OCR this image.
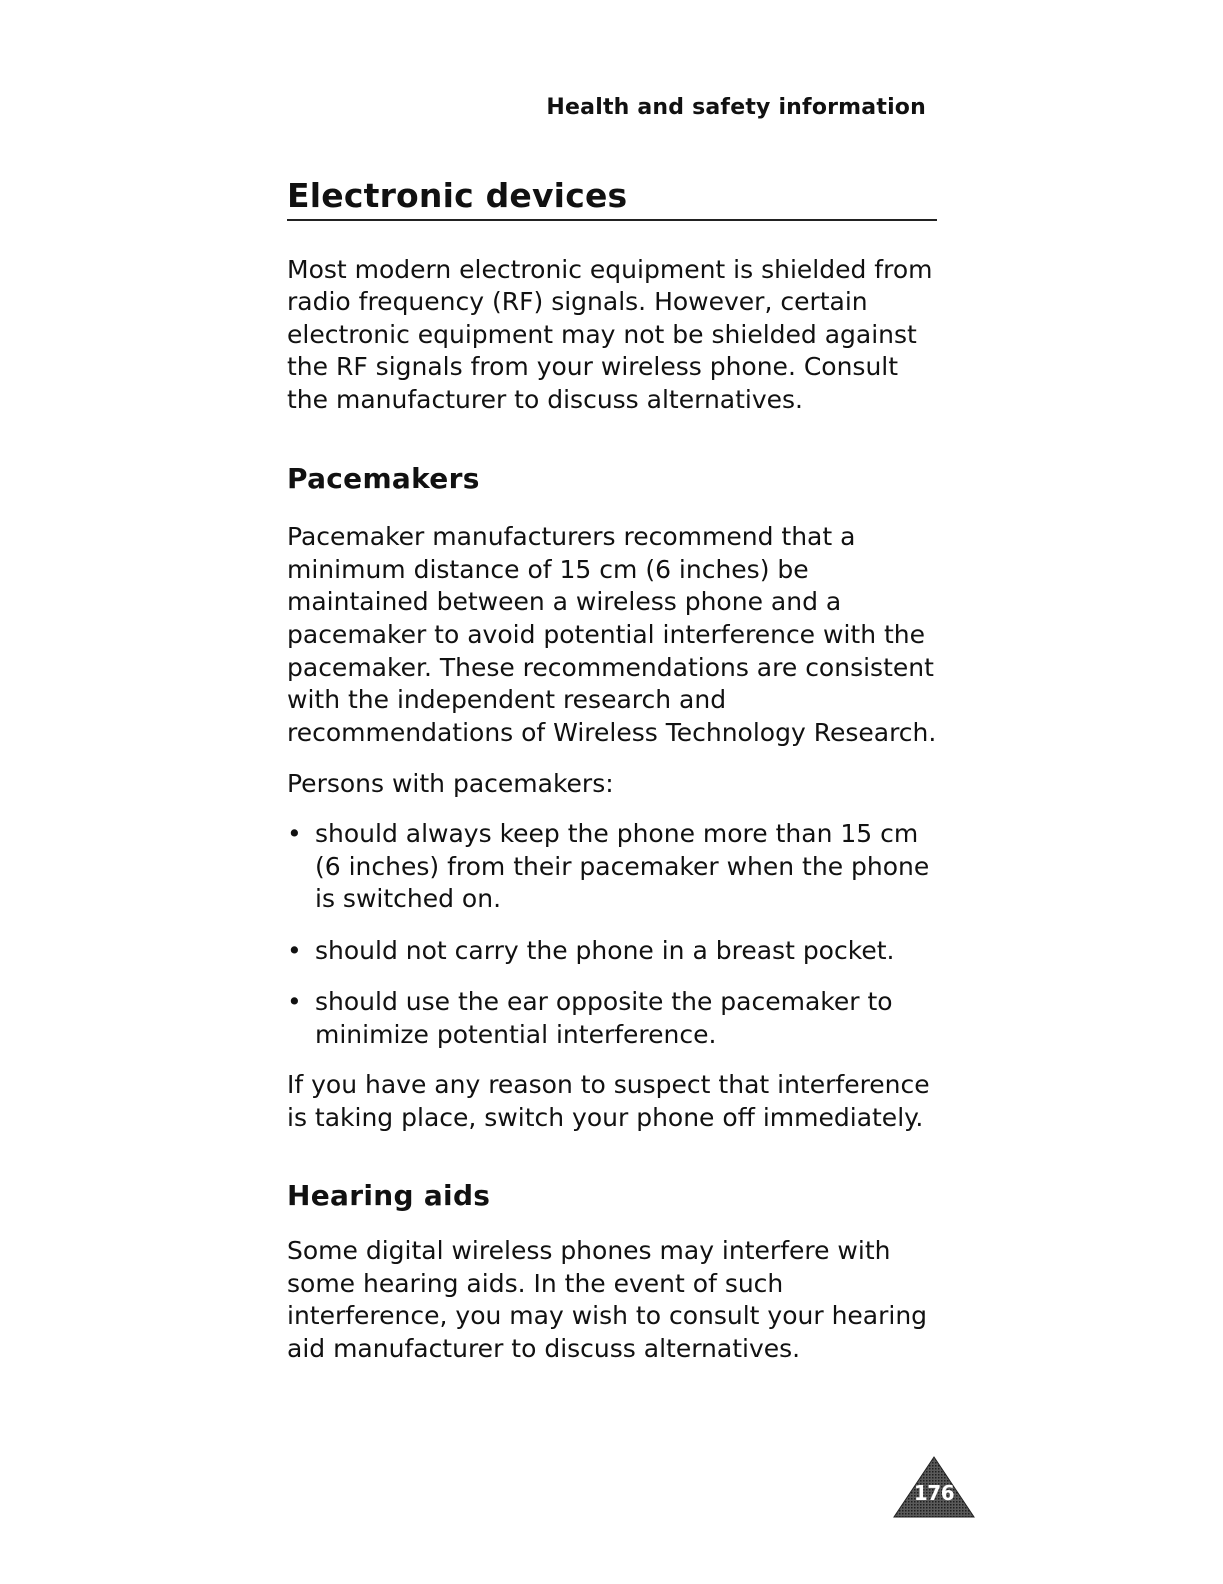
Health and safety information
Electronic devices

Most modern electronic equipment is shielded from
radio frequency (RF) signals. However, certain
electronic equipment may not be shielded against
the RF signals from your wireless phone. Consult
the manufacturer to discuss alternatives.

Pacemakers

Pacemaker manufacturers recommend that a
minimum distance of 15 cm (6 inches) be
maintained between a wireless phone and a
pacemaker to avoid potential interference with the
pacemaker. These recommendations are consistent
with the independent research and
recommendations of Wireless Technology Research.

Persons with pacemakers:

• should always keep the phone more than 15 cm
(6 inches) from their pacemaker when the phone
is switched on.
• should not carry the phone in a breast pocket.
• should use the ear opposite the pacemaker to
minimize potential interference.

If you have any reason to suspect that interference
is taking place, switch your phone off immediately.

Hearing aids

Some digital wireless phones may interfere with
some hearing aids. In the event of such
interference, you may wish to consult your hearing
aid manufacturer to discuss alternatives.

176
